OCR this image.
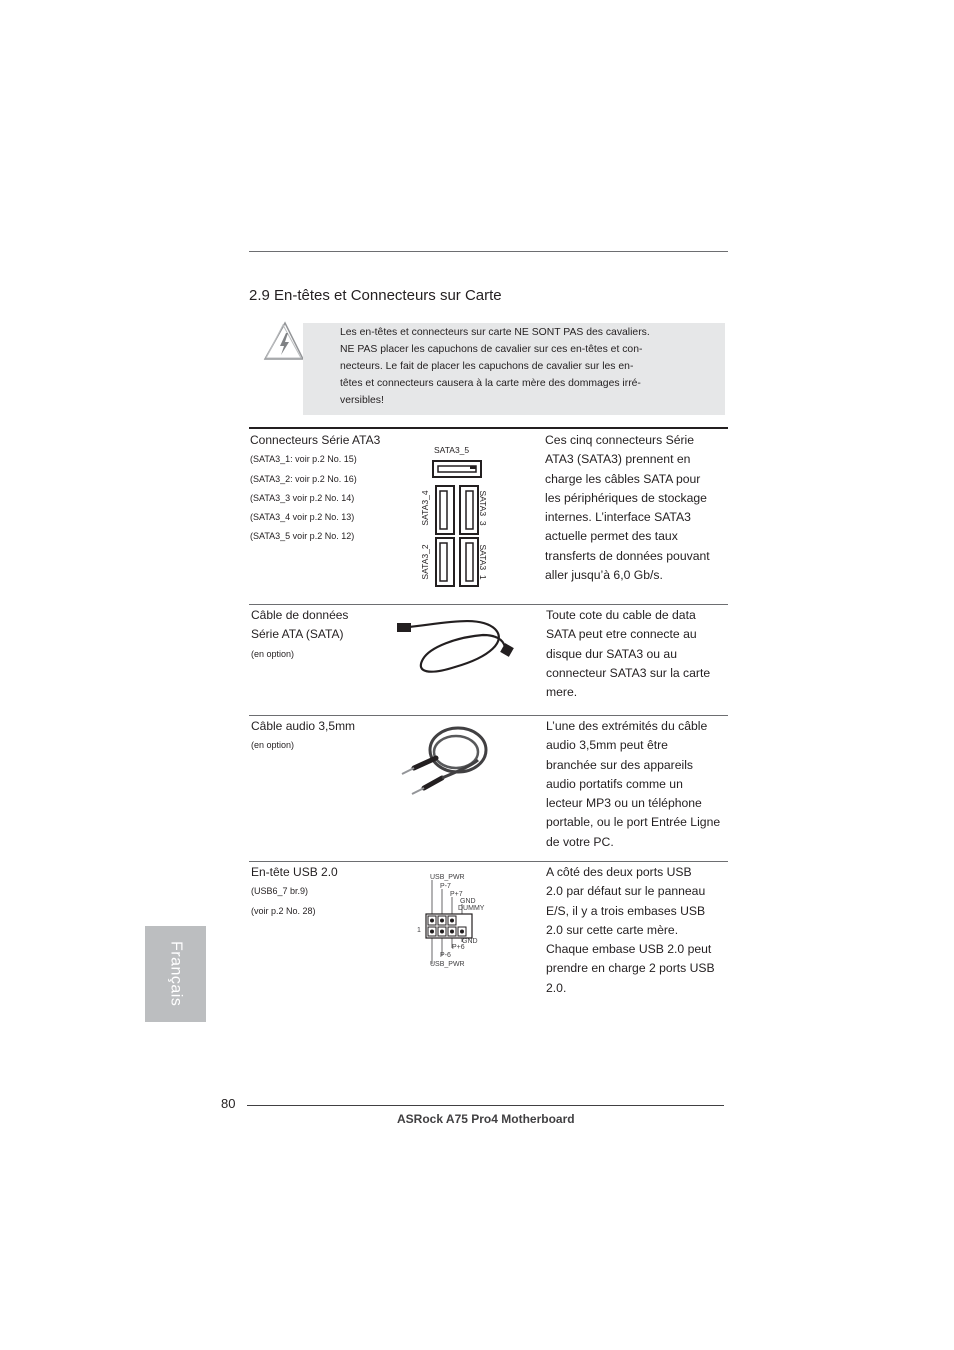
2.9 En-têtes et Connecteurs sur Carte
Les en-têtes et connecteurs sur carte NE SONT PAS des cavaliers.
NE PAS placer les capuchons de cavalier sur ces en-têtes et con-
necteurs. Le fait de placer les capuchons de cavalier sur les en-
têtes et connecteurs causera à la carte mère des dommages irré-
versibles!
Connecteurs Série ATA3
(SATA3_1: voir p.2 No. 15)
(SATA3_2: voir p.2 No. 16)
(SATA3_3 voir p.2 No. 14)
(SATA3_4 voir p.2 No. 13)
(SATA3_5 voir p.2 No. 12)
Ces cinq connecteurs Série
ATA3 (SATA3) prennent en
charge les câbles SATA pour
les périphériques de stockage
internes. L’interface SATA3
actuelle permet des taux
transferts de données pouvant
aller jusqu’à 6,0 Gb/s.
SATA3_5
SATA3_4	SATA3_3
SATA3_2	SATA3_1
Câble de données
Série ATA (SATA)
(en option)
Toute cote du cable de data
SATA peut etre connecte au
disque dur SATA3 ou au
connecteur SATA3 sur la carte
mere.
Câble audio 3,5mm
(en option)
L’une des extrémités du câble
audio 3,5mm peut être
branchée sur des appareils
audio portatifs comme un
lecteur MP3 ou un téléphone
portable, ou le port Entrée Ligne
de votre PC.
En-tête USB 2.0
(USB6_7 br.9)
(voir p.2 No. 28)
A côté des deux ports USB
2.0 par défaut sur le panneau
E/S, il y a trois embases USB
2.0 sur cette carte mère.
Chaque embase USB 2.0 peut
prendre en charge 2 ports USB
2.0.
USB_PWR
P-7
P+7
GND
DUMMY
1
GND
P+6
P-6
USB_PWR
Français
80
ASRock A75 Pro4 Motherboard
